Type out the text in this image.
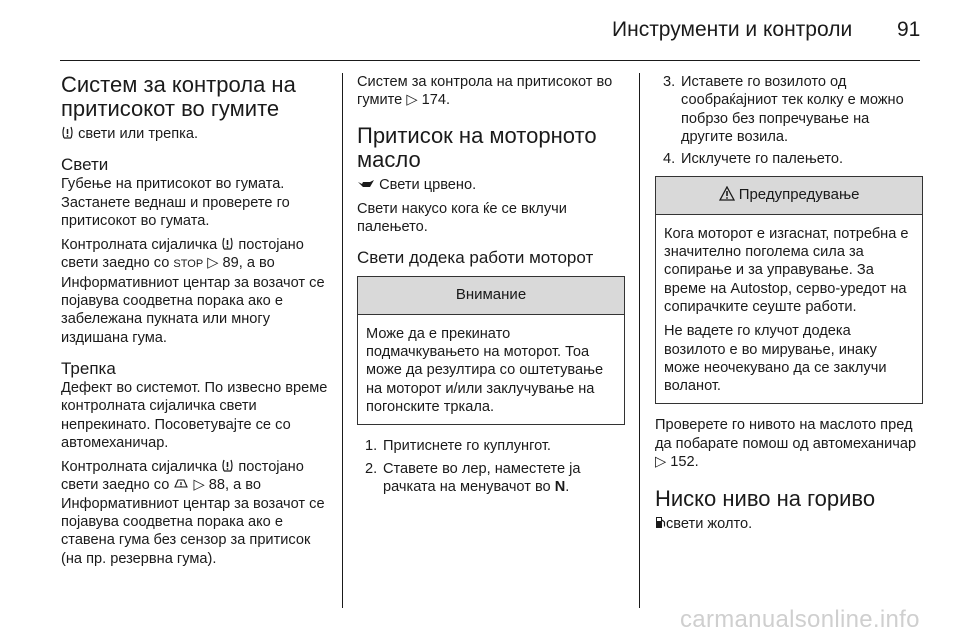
Инструменти и контроли 91
Систем за контрола на притисокот во гумите
свети или трепка.
Свети
Губење на притисокот во гумата. Застанете веднаш и проверете го притисокот во гумата.
Контролната сијаличка постојано свети заедно со STOP ▷ 89, а во Информативниот центар за возачот се појавува соодветна порака ако е забележана пукната или многу издишана гума.
Трепка
Дефект во системот. По извесно време контролната сијаличка свети непрекинато. Посоветувајте се со автомеханичар.
Контролната сијаличка постојано свети заедно со ▷ 88, а во Информативниот центар за возачот се појавува соодветна порака ако е ставена гума без сензор за притисок (на пр. резервна гума).
Систем за контрола на притисокот во гумите ▷ 174.
Притисок на моторното масло
Свети црвено.
Свети накусо кога ќе се вклучи палењето.
Свети додека работи моторот
Внимание
Може да е прекинато подмачкувањето на моторот. Тоа може да резултира со оштетување на моторот и/или заклучување на погонските тркала.
1. Притиснете го куплунгот.
2. Ставете во лер, наместете ја рачката на менувачот во N.
3. Иставете го возилото од сообраќајниот тек колку е можно побрзо без попречување на другите возила.
4. Исклучете го палењето.
Предупредување
Кога моторот е изгаснат, потребна е значително поголема сила за сопирање и за управување. За време на Autostop, серво-уредот на сопирачките сеуште работи.
Не вадете го клучот додека возилото е во мирување, инаку може неочекувано да се заклучи воланот.
Проверете го нивото на маслото пред да побарате помош од автомеханичар ▷ 152.
Ниско ниво на гориво
свети жолто.
carmanualsonline.info
